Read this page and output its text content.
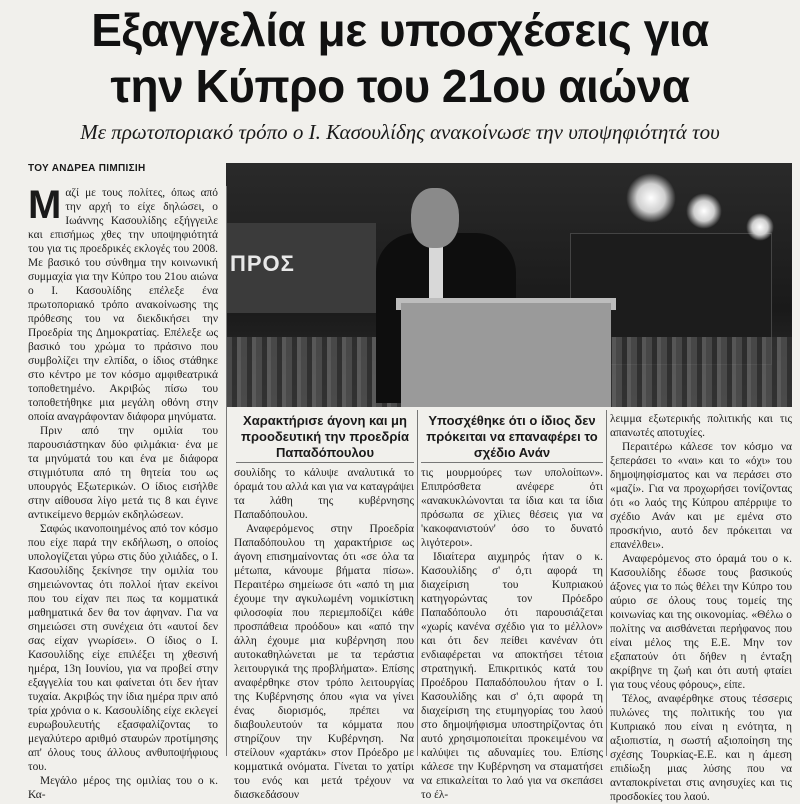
Εξαγγελία με υποσχέσεις για
την Κύπρο του 21ου αιώνα
Με πρωτοποριακό τρόπο ο Ι. Κασουλίδης ανακοίνωσε την υποψηφιότητά του
ΤΟΥ ΑΝΔΡΕΑ ΠΙΜΠΙΣΙΗ
ΠΡΟΣ
Χαρακτήρισε άγονη και μη προοδευτική την προεδρία Παπαδόπουλου
Υποσχέθηκε ότι ο ίδιος δεν πρόκειται να επαναφέρει το σχέδιο Ανάν

Μαζί με τους πολίτες, όπως από την αρχή το είχε δηλώσει, ο Ιωάννης Κασουλίδης εξήγγειλε και επισήμως χθες την υποψηφιότητά του για τις προεδρικές εκλογές του 2008. Με βασικό του σύνθημα την κοινωνική συμμαχία για την Κύπρο του 21ου αιώνα ο Ι. Κασουλίδης επέλεξε ένα πρωτοποριακό τρόπο ανακοίνωσης της πρόθεσης του να διεκδικήσει την Προεδρία της Δημοκρατίας. Επέλεξε ως βασικό του χρώμα το πράσινο που συμβολίζει την ελπίδα, ο ίδιος στάθηκε στο κέντρο με τον κόσμο αμφιθεατρικά τοποθετημένο. Ακριβώς πίσω του τοποθετήθηκε μια μεγάλη οθόνη στην οποία αναγράφονταν διάφορα μηνύματα.

Πριν από την ομιλία του παρουσιάστηκαν δύο φιλμάκια· ένα με τα μηνύματά του και ένα με διάφορα στιγμιότυπα από τη θητεία του ως υπουργός Εξωτερικών. Ο ίδιος εισήλθε στην αίθουσα λίγο μετά τις 8 και έγινε αντικείμενο θερμών εκδηλώσεων.

Σαφώς ικανοποιημένος από τον κόσμο που είχε παρά την εκδήλωση, ο οποίος υπολογίζεται γύρω στις δύο χιλιάδες, ο Ι. Κασουλίδης ξεκίνησε την ομιλία του σημειώνοντας ότι πολλοί ήταν εκείνοι που του είχαν πει πως τα κομματικά μαθηματικά δεν θα τον άφηναν. Για να σημειώσει στη συνέχεια ότι «αυτοί δεν σας είχαν γνωρίσει». Ο ίδιος ο Ι. Κασουλίδης είχε επιλέξει τη χθεσινή ημέρα, 13η Ιουνίου, για να προβεί στην εξαγγελία του και φαίνεται ότι δεν ήταν τυχαία. Ακριβώς την ίδια ημέρα πριν από τρία χρόνια ο κ. Κασουλίδης είχε εκλεγεί ευρωβουλευτής εξασφαλίζοντας το μεγαλύτερο αριθμό σταυρών προτίμησης απ' όλους τους άλλους ανθυποψήφιους του.

Μεγάλο μέρος της ομιλίας του ο κ. Κα-

σουλίδης το κάλυψε αναλυτικά το όραμά του αλλά και για να καταγράψει τα λάθη της κυβέρνησης Παπαδόπουλου.

Αναφερόμενος στην Προεδρία Παπαδόπουλου τη χαρακτήρισε ως άγονη επισημαίνοντας ότι «σε όλα τα μέτωπα, κάνουμε βήματα πίσω». Περαιτέρω σημείωσε ότι «από τη μια έχουμε την αγκυλωμένη νομικίστικη φιλοσοφία που περιεμποδίζει κάθε προσπάθεια προόδου» και «από την άλλη έχουμε μια κυβέρνηση που αυτοκαθηλώνεται με τα τεράστια λειτουργικά της προβλήματα». Επίσης αναφέρθηκε στον τρόπο λειτουργίας της Κυβέρνησης όπου «για να γίνει ένας διορισμός, πρέπει να διαβουλευτούν τα κόμματα που στηρίζουν την Κυβέρνηση. Να στείλουν «χαρτάκι» στον Πρόεδρο με κομματικά ονόματα. Γίνεται το χατίρι του ενός και μετά τρέχουν να διασκεδάσουν

τις μουρμούρες των υπολοίπων». Επιπρόσθετα ανέφερε ότι «ανακυκλώνονται τα ίδια και τα ίδια πρόσωπα σε χίλιες θέσεις για να 'κακοφανιστούν' όσο το δυνατό λιγότεροι».

Ιδιαίτερα αιχμηρός ήταν ο κ. Κασουλίδης σ' ό,τι αφορά τη διαχείριση του Κυπριακού κατηγορώντας τον Πρόεδρο Παπαδόπουλο ότι παρουσιάζεται «χωρίς κανένα σχέδιο για το μέλλον» και ότι δεν πείθει κανέναν ότι ενδιαφέρεται να αποκτήσει τέτοια στρατηγική. Επικριτικός κατά του Προέδρου Παπαδόπουλου ήταν ο Ι. Κασουλίδης και σ' ό,τι αφορά τη διαχείριση της ετυμηγορίας του λαού στο δημοψήφισμα υποστηρίζοντας ότι αυτό χρησιμοποιείται προκειμένου να καλύψει τις αδυναμίες του. Επίσης κάλεσε την Κυβέρνηση να σταματήσει να επικαλείται το λαό για να σκεπάσει το έλ-

λειμμα εξωτερικής πολιτικής και τις απανωτές αποτυχίες.

Περαιτέρω κάλεσε τον κόσμο να ξεπεράσει το «ναι» και το «όχι» του δημοψηφίσματος και να περάσει στο «μαζί». Για να προχωρήσει τονίζοντας ότι «ο λαός της Κύπρου απέρριψε το σχέδιο Ανάν και με εμένα στο προσκήνιο, αυτό δεν πρόκειται να επανέλθει».

Αναφερόμενος στο όραμά του ο κ. Κασουλίδης έδωσε τους βασικούς άξονες για το πώς θέλει την Κύπρο του αύριο σε όλους τους τομείς της κοινωνίας και της οικονομίας. «Θέλω ο πολίτης να αισθάνεται περήφανος που είναι μέλος της Ε.Ε. Μην τον εξαπατούν ότι δήθεν η ένταξη ακρίβηνε τη ζωή και ότι αυτή φταίει για τους νέους φόρους», είπε.

Τέλος, αναφέρθηκε στους τέσσερις πυλώνες της πολιτικής του για Κυπριακό που είναι η ενότητα, η αξιοπιστία, η σωστή αξιοποίηση της σχέσης Τουρκίας-Ε.Ε. και η άμεση επιδίωξη μιας λύσης που να ανταποκρίνεται στις ανησυχίες και τις προσδοκίες του λαού.
